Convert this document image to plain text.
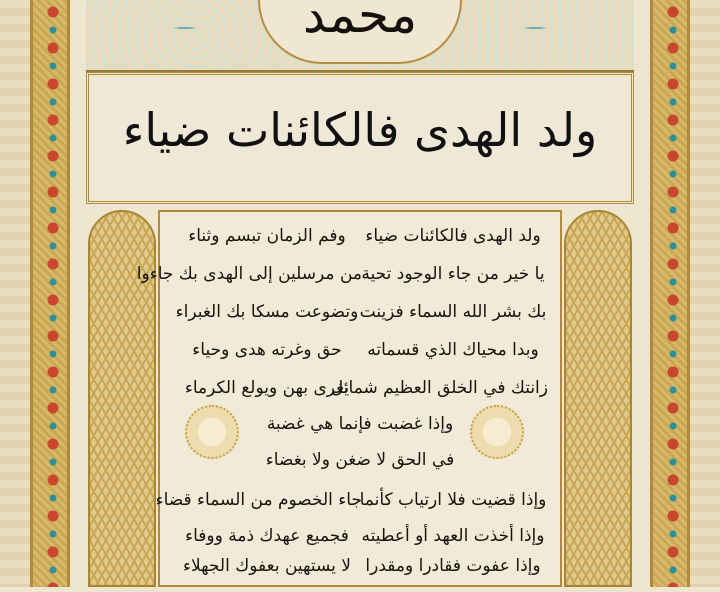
محمد
ولد الهدى فالكائنات ضياء
ولد الهدى فالكائنات ضياء
وفم الزمان تبسم وثناء
يا خير من جاء الوجود تحية
من مرسلين إلى الهدى بك جاءوا
بك بشر الله السماء فزينت
وتضوعت مسكا بك الغبراء
وبدا محياك الذي قسماته
حق وغرته هدى وحياء
زانتك في الخلق العظيم شمائل
يغرى بهن ويولع الكرماء
وإذا غضبت فإنما هي غضبة
في الحق لا ضغن ولا بغضاء
وإذا قضيت فلا ارتياب كأنما
جاء الخصوم من السماء قضاء
وإذا أخذت العهد أو أعطيته
فجميع عهدك ذمة ووفاء
وإذا عفوت فقادرا ومقدرا
لا يستهين بعفوك الجهلاء
